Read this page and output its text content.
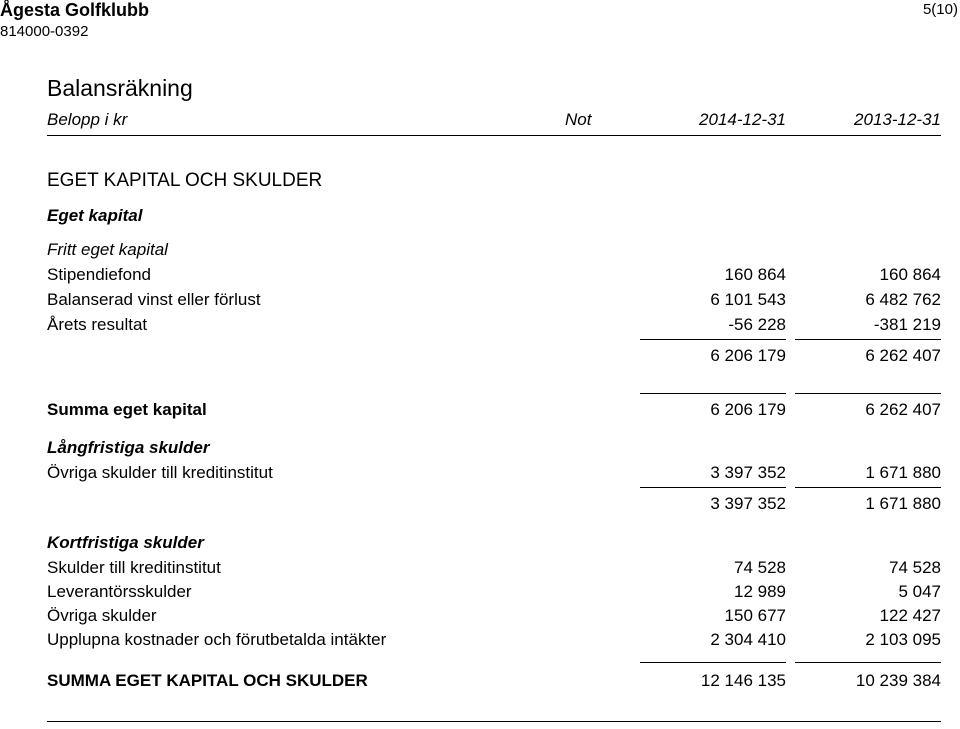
Ågesta Golfklubb
814000-0392
5(10)
Balansräkning
Belopp i kr	Not	2014-12-31	2013-12-31
EGET KAPITAL OCH SKULDER
Eget kapital
Fritt eget kapital
Stipendiefond	160 864	160 864
Balanserad vinst eller förlust	6 101 543	6 482 762
Årets resultat	-56 228	-381 219
6 206 179	6 262 407
Summa eget kapital	6 206 179	6 262 407
Långfristiga skulder
Övriga skulder till kreditinstitut	3 397 352	1 671 880
3 397 352	1 671 880
Kortfristiga skulder
Skulder till kreditinstitut	74 528	74 528
Leverantörsskulder	12 989	5 047
Övriga skulder	150 677	122 427
Upplupna kostnader och förutbetalda intäkter	2 304 410	2 103 095
SUMMA EGET KAPITAL OCH SKULDER	12 146 135	10 239 384
